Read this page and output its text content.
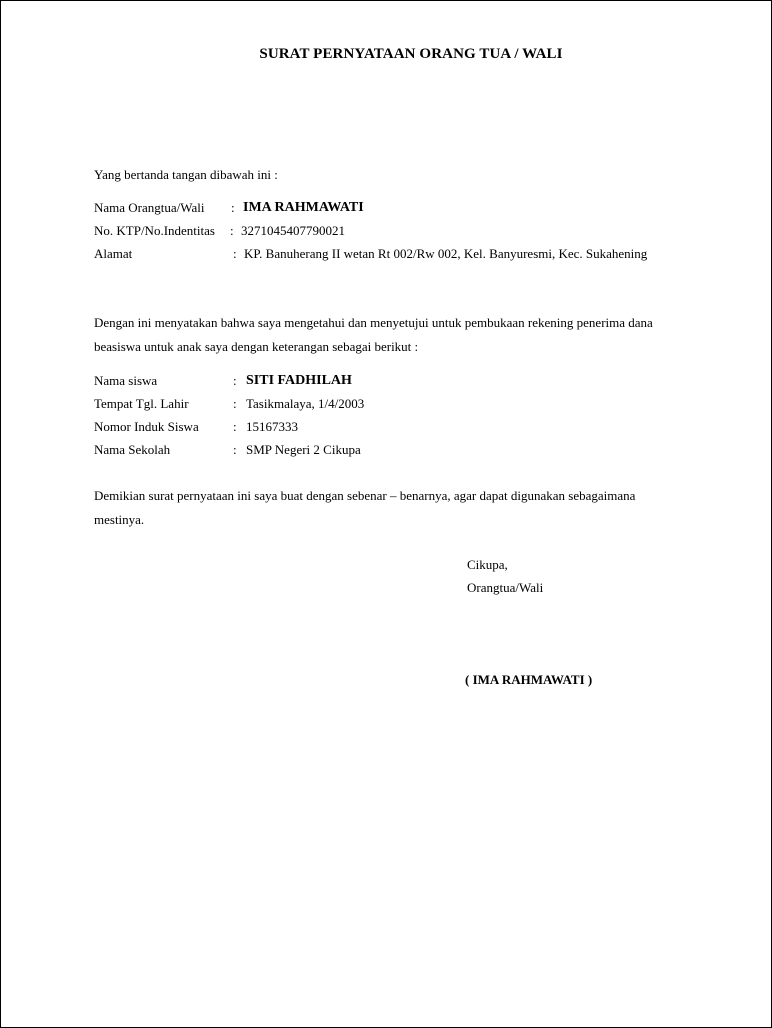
SURAT PERNYATAAN ORANG TUA / WALI
Yang bertanda tangan dibawah ini :
Nama Orangtua/Wali : IMA RAHMAWATI
No. KTP/No.Indentitas : 3271045407790021
Alamat	: KP. Banuherang II wetan Rt 002/Rw 002, Kel. Banyuresmi, Kec. Sukahening
Dengan ini menyatakan bahwa saya mengetahui dan menyetujui untuk pembukaan rekening penerima dana
beasiswa untuk anak saya dengan keterangan sebagai berikut :
Nama siswa	: SITI FADHILAH
Tempat Tgl. Lahir	: Tasikmalaya, 1/4/2003
Nomor Induk Siswa	: 15167333
Nama Sekolah	: SMP Negeri 2 Cikupa
Demikian surat pernyataan ini saya buat dengan sebenar – benarnya, agar dapat digunakan sebagaimana
mestinya.
Cikupa,
Orangtua/Wali
( IMA RAHMAWATI )
